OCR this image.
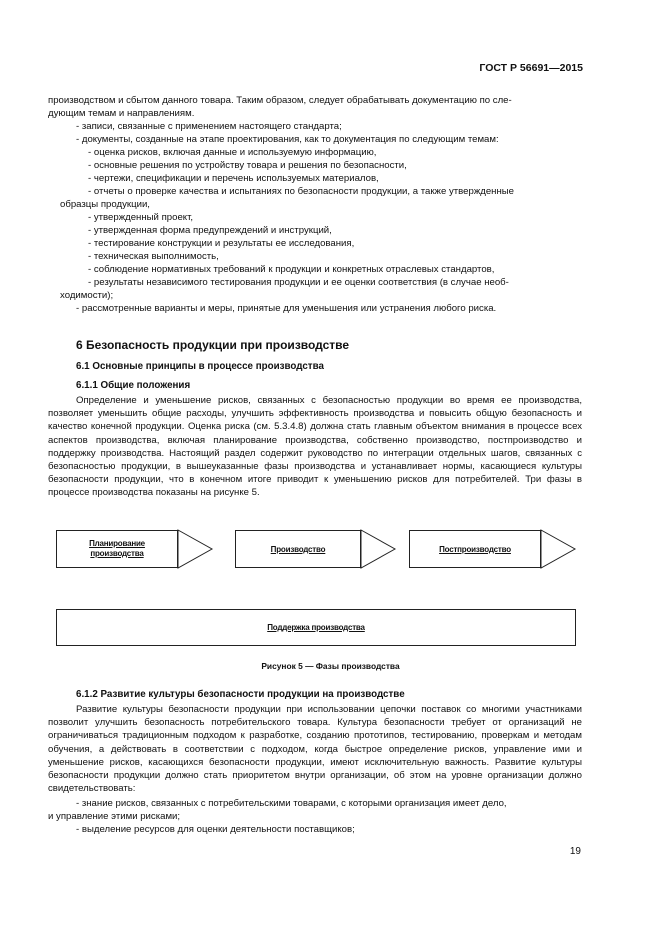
ГОСТ Р 56691—2015
производством и сбытом данного товара. Таким образом, следует обрабатывать документацию по сле-
дующим темам и направлениям.
- записи, связанные с применением настоящего стандарта;
- документы, созданные на этапе проектирования, как то документация по следующим темам:
- оценка рисков, включая данные и используемую информацию,
- основные решения по устройству товара и решения по безопасности,
- чертежи, спецификации и перечень используемых материалов,
- отчеты о проверке качества и испытаниях по безопасности продукции, а также утвержденные
образцы продукции,
- утвержденный проект,
- утвержденная форма предупреждений и инструкций,
- тестирование конструкции и результаты ее исследования,
- техническая выполнимость,
- соблюдение нормативных требований к продукции и конкретных отраслевых стандартов,
- результаты независимого тестирования продукции и ее оценки соответствия (в случае необ-
ходимости);
- рассмотренные варианты и меры, принятые для уменьшения или устранения любого риска.
6 Безопасность продукции при производстве
6.1 Основные принципы в процессе производства
6.1.1 Общие положения

Определение и уменьшение рисков, связанных с безопасностью продукции во время ее производства, позволяет уменьшить общие расходы, улучшить эффективность производства и повысить общую безопасность и качество конечной продукции. Оценка риска (см. 5.3.4.8) должна стать главным объектом внимания в процессе всех аспектов производства, включая планирование производства, собственно производство, постпроизводство и поддержку производства. Настоящий раздел содержит руководство по интеграции отдельных шагов, связанных с безопасностью продукции, в вышеуказанные фазы производства и устанавливает нормы, касающиеся культуры безопасности продукции, что в конечном итоге приводит к уменьшению рисков для потребителей. Три фазы в процессе производства показаны на рисунке 5.

Планирование
производства	Производство	Постпроизводство
Поддержка производства
Рисунок 5 — Фазы производства
6.1.2 Развитие культуры безопасности продукции на производстве

Развитие культуры безопасности продукции при использовании цепочки поставок со многими участниками позволит улучшить безопасность потребительского товара. Культура безопасности требует от организаций не ограничиваться традиционным подходом к разработке, созданию прототипов, тестированию, проверкам и методам обучения, а действовать в соответствии с подходом, когда быстрое определение рисков, управление ими и уменьшение рисков, касающихся безопасности продукции, имеют исключительную важность. Развитие культуры безопасности продукции должно стать приоритетом внутри организации, об этом на уровне организации должно свидетельствовать:

- знание рисков, связанных с потребительскими товарами, с которыми организация имеет дело,
и управление этими рисками;
- выделение ресурсов для оценки деятельности поставщиков;
19
